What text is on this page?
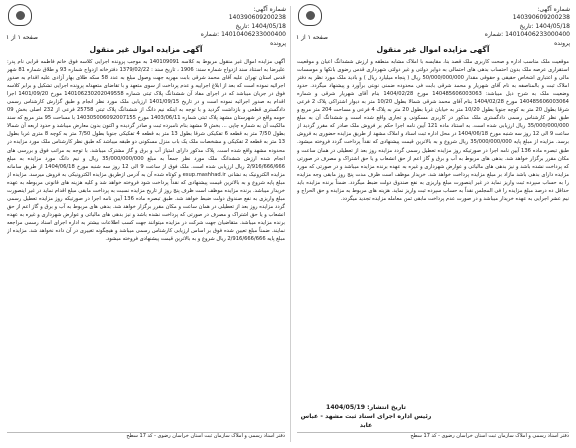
شماره آگهی: 140390609200238
1404/05/18 :تاریخ
14010406233000400 :شماره پرونده
صفحه ۱ از ۱
آگهی مزایده اموال غیر منقول
آگهی مزایده اموال غیر منقول مربوط به کلاسه 140109091 به موجب پرونده اجرایی کلاسه فوق خانم فاطمه قرابی نام پدر: علیرضا به استناد سند ازدواج شماره سند: 1906 ، تاریخ سند : 1379/02/22 دفترخانه ازدواج شماره 93 و طلاق شماره 81 شهر قدس استان تهران علیه آقای محمد شرقی بابت مهریه جهت وصول مبلغ به عدد 58 سکه طلای بهار آزادی علیه اقدام به صدور اجرائیه نموده است که بعد از ابلاغ اجراییه و عدم پرداخت از سوی متعهد و با تقاضای متعهدله پرونده اجرایی تشکیل و برابر کلاسه فوق در جریان میباشد که در اجرای مفاد آن ششدانگ پلاک ثبتی شماره 140106230202049558 مورخ 1401/09/20 اجرا اقدام به صدور اجرائیه نموده است و در تاریخ 1401/09/15 ارزیابی ملک مورد نظر انجام و طبق گزارش کارشناس رسمی دادگستری قطعی و بازداشت گردید و با توجه به اینکه نیم دانگ از ششدانگ پلاک ثبتی 25758 فرعی از 232 اصلی بخش 09 حومه واقع در شهرستان مشهد پلاک ثبتی شماره 1403/06/11 مورخ 140305006092007155 با مساحت 95 متر مربع که سند مالکیت آن به شماره چاپی ... بخش 9 مشهد بنام نامبرده ثبت و صادر گردیده و اکنون بدون معارض میباشد و حدود اربعه آن شمالا بطول 7/50 متر به قطعه 6 تفکیکی شرقا بطول 13 متر به قطعه 4 تفکیکی جنوبا بطول 7/50 متر به کوچه 8 متری غربا بطول 13 متر به قطعه 2 تفکیکی و مشخصات ملک یک باب منزل مسکونی دو طبقه میباشد که طبق نظر کارشناس ملک مورد مزایده در محدوده مشهد واقع شده است. پلاک مذکور دارای امتیاز آب و برق و گاز مشترک میباشد. با توجه به مراتب فوق و بررسی های انجام شده ارزش ششدانگ ملک مورد نظر جمعاً به مبلغ 35/000/000/000 ریال و نیم دانگ مورد مزایده به مبلغ 2/916/666/666 ریال ارزیابی شده است. ملک فوق از ساعت 9 الی 12 روز سه شنبه مورخ 1404/06/18 از طریق سامانه مزایده الکترونیک به نشانی esup.mashhad.ir و کوتاه شده آن به آدرس ازطریق مزایده الکترونیکی به فروش میرسد. مزایده از مبلغ پایه شروع و به بالاترین قیمت پیشنهادی که نقداً پرداخت شود فروخته خواهد شد و کلیه هزینه های قانونی مربوطه به عهده خریدار میباشد. برنده مزایده موظف است ظرف پنج روز از تاریخ مزایده نسبت به پرداخت مابقی مبلغ اقدام نماید در غیر اینصورت مبلغ واریزی به نفع صندوق دولت ضبط خواهد شد. طبق تبصره ماده 136 آیین نامه اجرا در صورتیکه روز مزایده تعطیل رسمی گردد مزایده روز بعد از تعطیلی در همان ساعت و مکان مقرر برگزار خواهد شد. بدهی های مربوط به آب و برق و گاز اعم از حق انشعاب و یا حق اشتراک و مصرف در صورتی که پرداخت نشده باشد و نیز بدهی های مالیاتی و عوارض شهرداری و غیره به عهده برنده مزایده میباشد. متقاضیان جهت شرکت در مزایده میتوانند جهت کسب اطلاعات بیشتر به اداره اجرای اسناد رسمی مراجعه نمایند. ضمناً مبلغ تعیین شده فوق بر اساس ارزیابی کارشناس رسمی میباشد و هیچگونه تغییری در آن داده نخواهد شد. مزایده از مبلغ پایه 2/916/666/666 ریال شروع و به بالاترین قیمت پیشنهادی فروخته میشود.
دفتر اسناد رسمی و املاک سازمان ثبت استان خراسان رضوی - کد 17 سطح
شماره آگهی: 140390609200238
1404/05/18 :تاریخ
14010406233000400 :شماره پرونده
صفحه ۱ از ۱
آگهی مزایده اموال غیر منقول
موقعیت ملک مناسب اداره و صحت کاربری ملک قصد بنا، مقایسه با املاک مشابه منطقه و ارزش ششدانگ اعیان و موقعیت استقراری عرصه ملک بدون احتساب بدهی های احتمالی به دوایر دولتی و غیر دولتی شهرداری قدس رضوی بانکها و موسسات مالی و اعتباری اشخاص حقیقی و حقوقی مقدار 50/000/000/000 ریال ( پنجاه میلیارد ریال ) و بادید ملک مورد نظر به دفتر املاک ثبت و بالمناصفه به نام آقای شهریار و محمد شرقی بابت فی محدوده ضمنی نوبتی برآورد و پیشنهاد میگردد. حدود وضعیت ملک به شرح ذیل میباشد: 140485606003063 مورخ 1404/02/28 بنام آقای شهریار شرقی و شماره 140485606003064 مورخ 1404/02/28 بنام آقای محمد شرقی شمالا بطول 10/20 متر به دیوار اشتراکی پلاک 2 فرعی شرقا بطول 20 متر به کوچه جنوبا بطول 10/20 متر به خیابان غربا بطول 20 متر به پلاک 4 فرعی و مساحت 204 متر مربع و طبق نظر کارشناس رسمی دادگستری ملک مذکور در کاربری مسکونی و تجاری واقع شده است و ششدانگ آن به مبلغ 35/000/000/000 ریال ارزیابی شده است. به استناد ماده 121 آیین نامه اجرا حکم بر فروش ملک صادر که مقرر گردید از ساعت 9 الی 12 روز سه شنبه مورخ 1404/06/18 در محل اداره ثبت اسناد و املاک مشهد از طریق مزایده حضوری به فروش برسد. مزایده از مبلغ پایه 35/000/000/000 ریال شروع و به بالاترین قیمت پیشنهادی که نقداً پرداخت گردد فروخته میشود. طبق تبصره ماده 136 آیین نامه اجرا در صورتیکه روز مزایده تعطیل رسمی گردد مزایده روز بعد از تعطیلی در همان ساعت و مکان مقرر برگزار خواهد شد. بدهی های مربوط به آب و برق و گاز اعم از حق انشعاب و یا حق اشتراک و مصرف در صورتی که پرداخت نشده باشد و نیز بدهی های مالیاتی و عوارض شهرداری و غیره به عهده برنده مزایده میباشد و در صورتی که مورد مزایده دارای بدهی باشد مازاد بر مبلغ مزایده پرداخت خواهد شد. خریدار موظف است ظرف مدت پنج روز مابقی وجه مزایده را به حساب سپرده ثبت واریز نماید در غیر اینصورت مبلغ واریزی به نفع صندوق دولت ضبط میگردد. ضمناً برنده مزایده باید حداقل ده درصد مبلغ مزایده را فی المجلس نقداً به حساب سپرده ثبت واریز نماید. هزینه های مربوط به مزایده و حق الحراج و نیم عشر اجرایی به عهده خریدار میباشد و در صورت عدم پرداخت مابقی ثمن معامله مزایده تجدید میگردد.
تاریخ انتشار: 1404/05/19
رئیس اداره اجرای اسناد ثبت مشهد - عباس عابد
دفتر اسناد رسمی و املاک سازمان ثبت استان خراسان رضوی - کد 17 سطح
